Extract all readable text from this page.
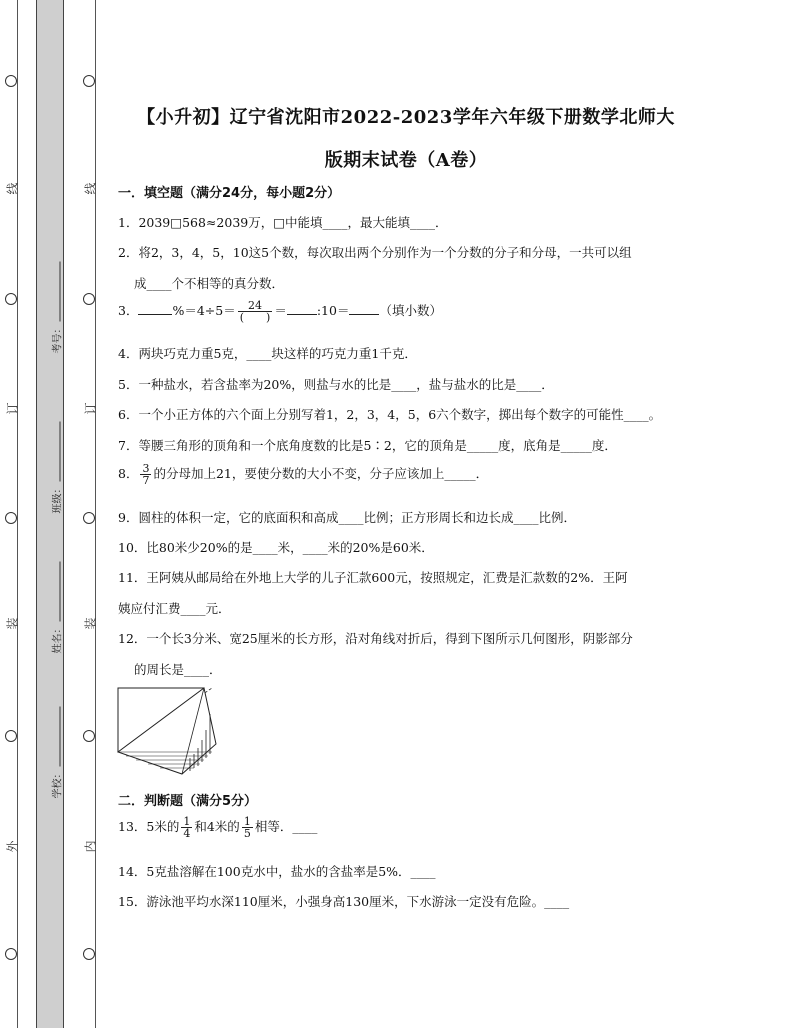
线
订
装
外
线
订
装
内
考号：
班级：
姓名：
学校：
【小升初】辽宁省沈阳市2022-2023学年六年级下册数学北师大
版期末试卷（A卷）
一．填空题（满分24分，每小题2分）
1．2039□568≈2039万，□中能填____，最大能填____．
2．将2，3，4，5，10这5个数，每次取出两个分别作为一个分数的分子和分母，一共可以组
成____个不相等的真分数．
3．	$\%=4\div 5= \frac{24}{( )}$ ＝ :10＝ （填小数）
4．两块巧克力重5克，____块这样的巧克力重1千克．
5．一种盐水，若含盐率为20%，则盐与水的比是____，盐与盐水的比是____．
6．一个小正方体的六个面上分别写着1，2，3，4，5，6六个数字，掷出每个数字的可能性____。
7．等腰三角形的顶角和一个底角度数的比是5∶2，它的顶角是_____度，底角是_____度．
8． $\frac{3}{7}$ 的分母加上21，要使分数的大小不变，分子应该加上_____．
9．圆柱的体积一定，它的底面积和高成____比例；正方形周长和边长成____比例．
10．比80米少20%的是____米，____米的20%是60米．
11．王阿姨从邮局给在外地上大学的儿子汇款600元，按照规定，汇费是汇款数的2%．王阿
姨应付汇费____元．
12．一个长3分米、宽25厘米的长方形，沿对角线对折后，得到下图所示几何图形，阴影部分
的周长是____．
二．判断题（满分5分）
13．5米的 $\frac{1}{4}$ 和4米的 $\frac{1}{5}$ 相等．____
14．5克盐溶解在100克水中，盐水的含盐率是5%．____
15．游泳池平均水深110厘米，小强身高130厘米，下水游泳一定没有危险。____
